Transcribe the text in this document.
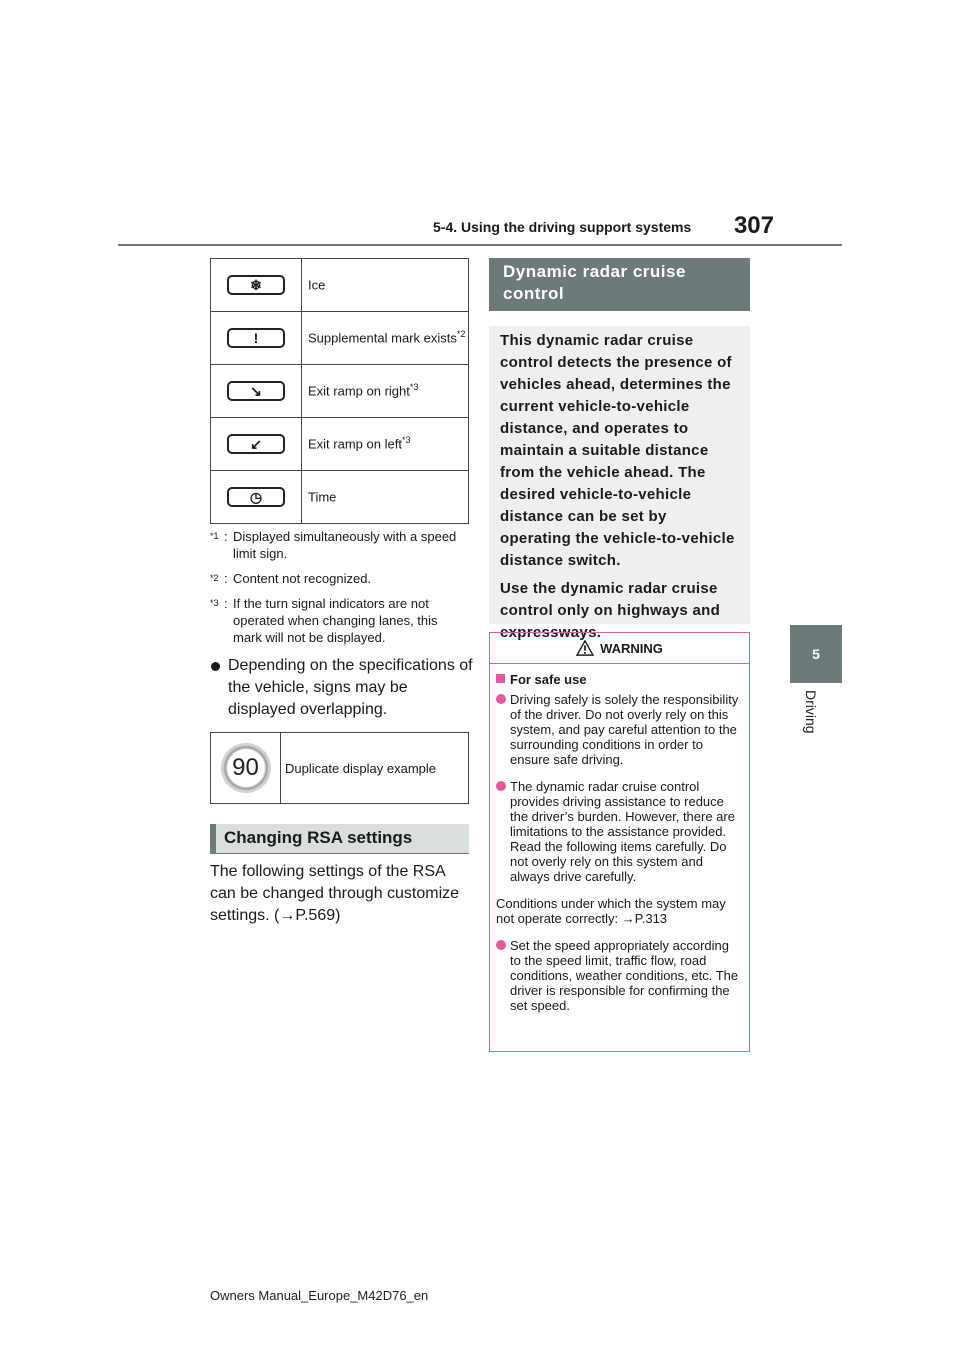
307
5-4. Using the driving support systems
5
Driving
❄	Ice
!	Supplemental mark exists$^{*2}$
↘	Exit ramp on right$^{*3}$
↙	Exit ramp on left$^{*3}$
◷	Time
*1 : Displayed simultaneously with a speed limit sign.
*2 : Content not recognized.
*3 : If the turn signal indicators are not operated when changing lanes, this mark will not be displayed.
Depending on the specifications of the vehicle, signs may be displayed overlapping.
90	Duplicate display example
Changing RSA settings
The following settings of the RSA can be changed through customize settings. (→P.569)
Dynamic radar cruise control

This dynamic radar cruise control detects the presence of vehicles ahead, determines the current vehicle-to-vehicle distance, and operates to maintain a suitable distance from the vehicle ahead. The desired vehicle-to-vehicle distance can be set by operating the vehicle-to-vehicle distance switch.

Use the dynamic radar cruise control only on highways and expressways.

WARNING
For safe use
Driving safely is solely the responsibility of the driver. Do not overly rely on this system, and pay careful attention to the surrounding conditions in order to ensure safe driving.
The dynamic radar cruise control provides driving assistance to reduce the driver’s burden. However, there are limitations to the assistance provided. Read the following items carefully. Do not overly rely on this system and always drive carefully.
Conditions under which the system may not operate correctly: →P.313
Set the speed appropriately according to the speed limit, traffic flow, road conditions, weather conditions, etc. The driver is responsible for confirming the set speed.
Owners Manual_Europe_M42D76_en
